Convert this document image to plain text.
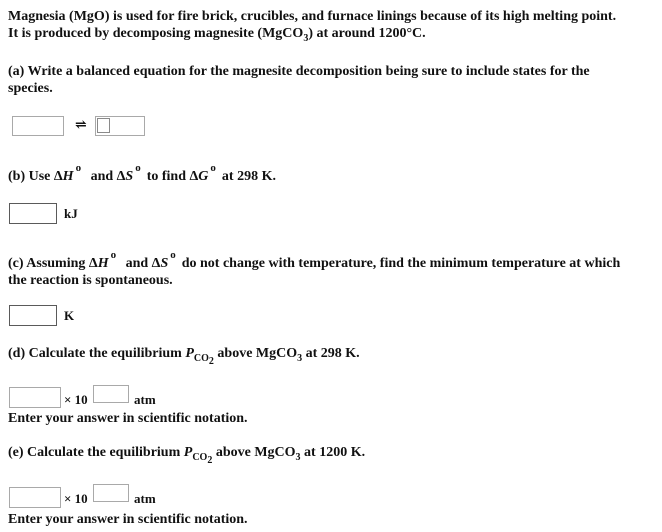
Magnesia (MgO) is used for fire brick, crucibles, and furnace linings because of its high melting point.
It is produced by decomposing magnesite (MgCO$_3$) at around 1200°C.
(a) Write a balanced equation for the magnesite decomposition being sure to include states for the
species.
⇌
(b) Use $\Delta H^o$ and $\Delta S^oto$ find $\Delta G^oat$ 298 K.
kJ
(c) Assuming $\Delta H^o$ and $\Delta S^odo$ not change with temperature, find the minimum temperature at which
the reaction is spontaneous.
K
(d) Calculate the equilibrium $P_{CO_2}$ above MgCO$_3$ at 298 K.
× 10	atm
Enter your answer in scientific notation.
(e) Calculate the equilibrium $P_{CO_2}$ above MgCO$_3$ at 1200 K.
× 10	atm
Enter your answer in scientific notation.
